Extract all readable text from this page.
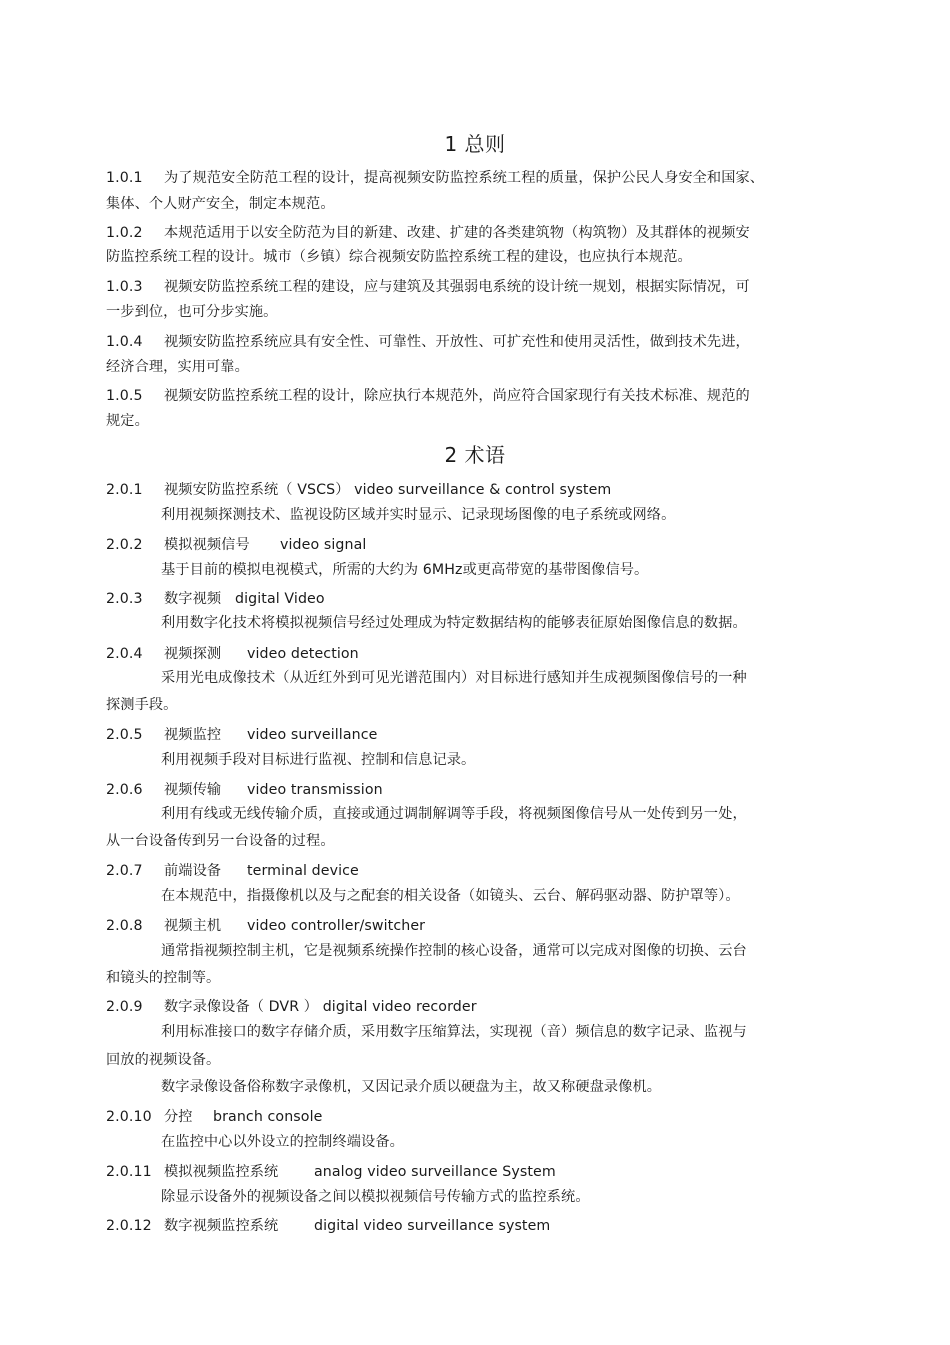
1 总则
1.0.1 为了规范安全防范工程的设计，提高视频安防监控系统工程的质量，保护公民人身安全和国家、
集体、个人财产安全，制定本规范。
1.0.2 本规范适用于以安全防范为目的新建、改建、扩建的各类建筑物（构筑物）及其群体的视频安
防监控系统工程的设计。城市（乡镇）综合视频安防监控系统工程的建设，也应执行本规范。
1.0.3 视频安防监控系统工程的建设，应与建筑及其强弱电系统的设计统一规划，根据实际情况，可
一步到位，也可分步实施。
1.0.4 视频安防监控系统应具有安全性、可靠性、开放性、可扩充性和使用灵活性，做到技术先进，
经济合理，实用可靠。
1.0.5 视频安防监控系统工程的设计，除应执行本规范外，尚应符合国家现行有关技术标准、规范的
规定。
2 术语
2.0.1 视频安防监控系统（ VSCS） video surveillance & control system
利用视频探测技术、监视设防区域并实时显示、记录现场图像的电子系统或网络。
2.0.2 模拟视频信号 video signal
基于目前的模拟电视模式，所需的大约为 6MHz或更高带宽的基带图像信号。
2.0.3 数字视频 digital Video
利用数字化技术将模拟视频信号经过处理成为特定数据结构的能够表征原始图像信息的数据。
2.0.4 视频探测 video detection
采用光电成像技术（从近红外到可见光谱范围内）对目标进行感知并生成视频图像信号的一种
探测手段。
2.0.5 视频监控 video surveillance
利用视频手段对目标进行监视、控制和信息记录。
2.0.6 视频传输 video transmission
利用有线或无线传输介质，直接或通过调制解调等手段，将视频图像信号从一处传到另一处，
从一台设备传到另一台设备的过程。
2.0.7 前端设备 terminal device
在本规范中，指摄像机以及与之配套的相关设备（如镜头、云台、解码驱动器、防护罩等）。
2.0.8 视频主机 video controller/switcher
通常指视频控制主机，它是视频系统操作控制的核心设备，通常可以完成对图像的切换、云台
和镜头的控制等。
2.0.9 数字录像设备（ DVR ） digital video recorder
利用标准接口的数字存储介质，采用数字压缩算法，实现视（音）频信息的数字记录、监视与
回放的视频设备。
数字录像设备俗称数字录像机，又因记录介质以硬盘为主，故又称硬盘录像机。
2.0.10 分控 branch console
在监控中心以外设立的控制终端设备。
2.0.11 模拟视频监控系统	analog video surveillance System
除显示设备外的视频设备之间以模拟视频信号传输方式的监控系统。
2.0.12 数字视频监控系统	digital video surveillance system
